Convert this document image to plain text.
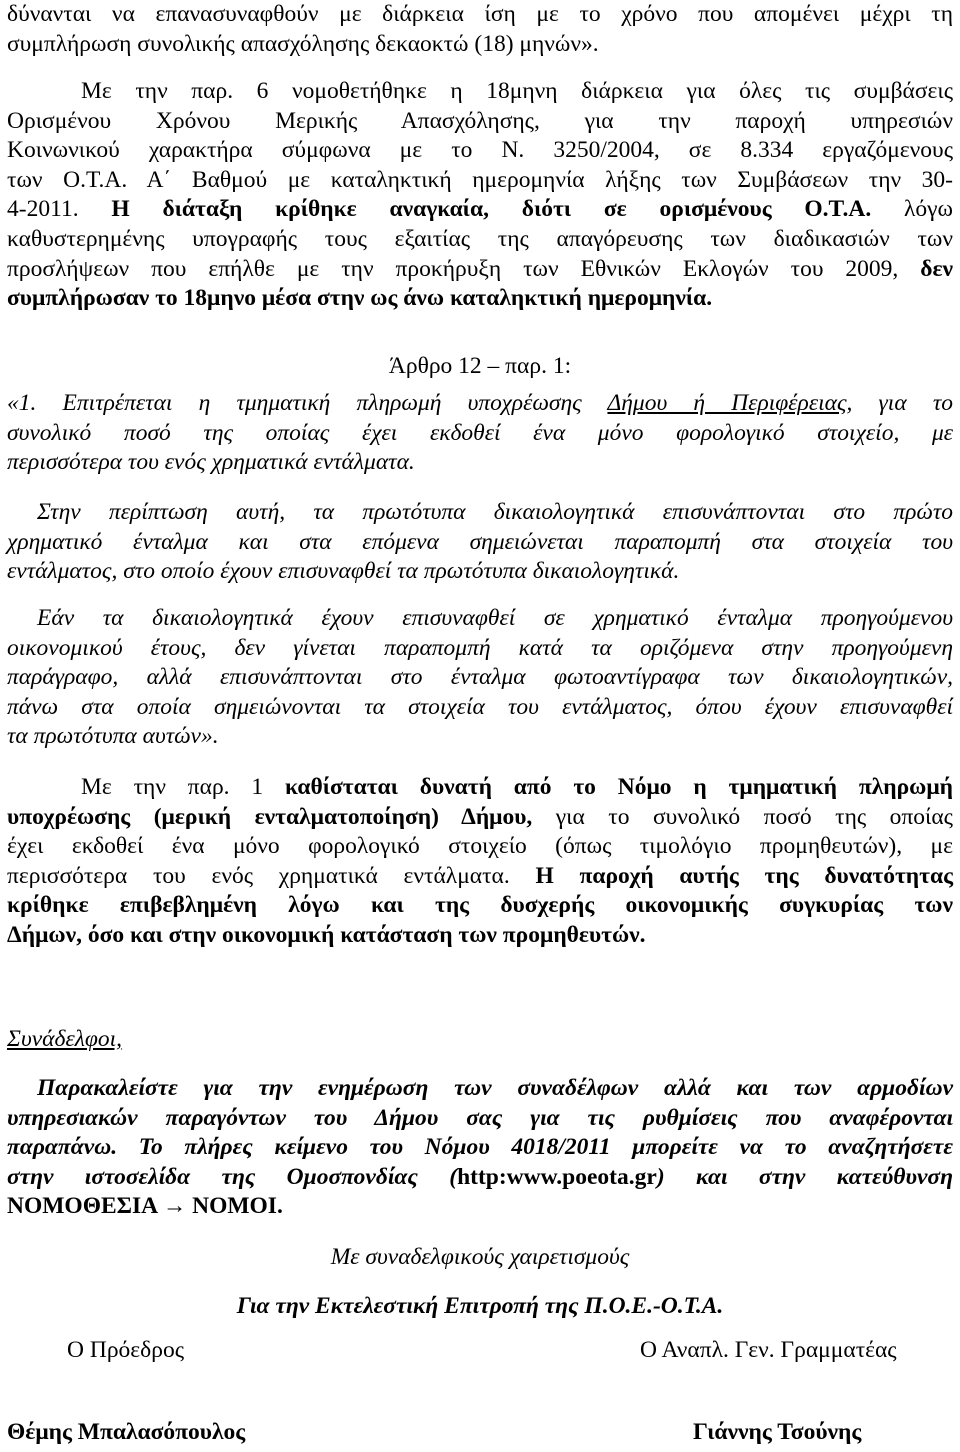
δύνανται να επανασυναφθούν με διάρκεια ίση με το χρόνο που απομένει μέχρι τη
συμπλήρωση συνολικής απασχόλησης δεκαοκτώ (18) μηνών».
Με την παρ. 6 νομοθετήθηκε η 18μηνη διάρκεια για όλες τις συμβάσεις
Ορισμένου Χρόνου Μερικής Απασχόλησης, για την παροχή υπηρεσιών
Κοινωνικού χαρακτήρα σύμφωνα με το Ν. 3250/2004, σε 8.334 εργαζόμενους
των Ο.Τ.Α. Α΄ Βαθμού με καταληκτική ημερομηνία λήξης των Συμβάσεων την 30-
4-2011. Η διάταξη κρίθηκε αναγκαία, διότι σε ορισμένους Ο.Τ.Α. λόγω
καθυστερημένης υπογραφής τους εξαιτίας της απαγόρευσης των διαδικασιών των
προσλήψεων που επήλθε με την προκήρυξη των Εθνικών Εκλογών του 2009, δεν
συμπλήρωσαν το 18μηνο μέσα στην ως άνω καταληκτική ημερομηνία.
Άρθρο 12 – παρ. 1:
«1. Επιτρέπεται η τμηματική πληρωμή υποχρέωσης Δήμου ή Περιφέρειας, για το
συνολικό ποσό της οποίας έχει εκδοθεί ένα μόνο φορολογικό στοιχείο, με
περισσότερα του ενός χρηματικά εντάλματα.
Στην περίπτωση αυτή, τα πρωτότυπα δικαιολογητικά επισυνάπτονται στο πρώτο
χρηματικό ένταλμα και στα επόμενα σημειώνεται παραπομπή στα στοιχεία του
εντάλματος, στο οποίο έχουν επισυναφθεί τα πρωτότυπα δικαιολογητικά.
Εάν τα δικαιολογητικά έχουν επισυναφθεί σε χρηματικό ένταλμα προηγούμενου
οικονομικού έτους, δεν γίνεται παραπομπή κατά τα οριζόμενα στην προηγούμενη
παράγραφο, αλλά επισυνάπτονται στο ένταλμα φωτοαντίγραφα των δικαιολογητικών,
πάνω στα οποία σημειώνονται τα στοιχεία του εντάλματος, όπου έχουν επισυναφθεί
τα πρωτότυπα αυτών».
Με την παρ. 1 καθίσταται δυνατή από το Νόμο η τμηματική πληρωμή
υποχρέωσης (μερική ενταλματοποίηση) Δήμου, για το συνολικό ποσό της οποίας
έχει εκδοθεί ένα μόνο φορολογικό στοιχείο (όπως τιμολόγιο προμηθευτών), με
περισσότερα του ενός χρηματικά εντάλματα. Η παροχή αυτής της δυνατότητας
κρίθηκε επιβεβλημένη λόγω και της δυσχερής οικονομικής συγκυρίας των
Δήμων, όσο και στην οικονομική κατάσταση των προμηθευτών.
Συνάδελφοι,
Παρακαλείστε για την ενημέρωση των συναδέλφων αλλά και των αρμοδίων
υπηρεσιακών παραγόντων του Δήμου σας για τις ρυθμίσεις που αναφέρονται
παραπάνω. Το πλήρες κείμενο του Νόμου 4018/2011 μπορείτε να το αναζητήσετε
στην ιστοσελίδα της Ομοσπονδίας (http:www.poeota.gr) και στην κατεύθυνση
ΝΟΜΟΘΕΣΙΑ → ΝΟΜΟΙ.
Με συναδελφικούς χαιρετισμούς
Για την Εκτελεστική Επιτροπή της Π.Ο.Ε.-Ο.Τ.Α.
Ο Πρόεδρος	Ο Αναπλ. Γεν. Γραμματέας
Θέμης Μπαλασόπουλος	Γιάννης Τσούνης
